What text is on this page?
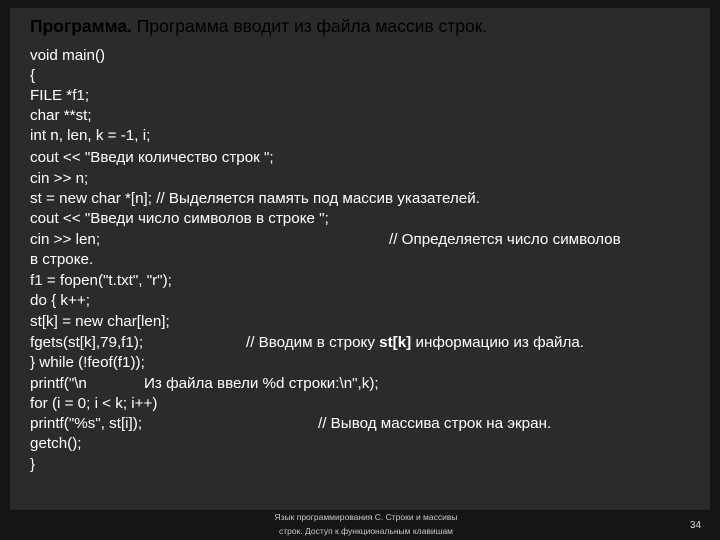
Программа. Программа вводит из файла массив строк.
void main()
{
FILE *f1;
char **st;
int n, len, k = -1, i;
cout << "Введи количество строк ";
cin >> n;
st = new char *[n]; // Выделяется память под массив указателей.
cout << "Введи число символов в строке ";
cin >> len;	// Определяется число символов
в строке.
f1 = fopen("t.txt", "r");
do { k++;
st[k] = new char[len];
fgets(st[k],79,f1);	// Вводим в строку st[k] информацию из файла.
} while (!feof(f1));
printf("\n	Из файла ввели %d строки:\n",k);
for (i = 0; i < k; i++)
printf("%s", st[i]);	// Вывод массива строк на экран.
getch();
}
Язык программирования С. Строки и массивы
строк. Доступ к функциональным клавишам	34
